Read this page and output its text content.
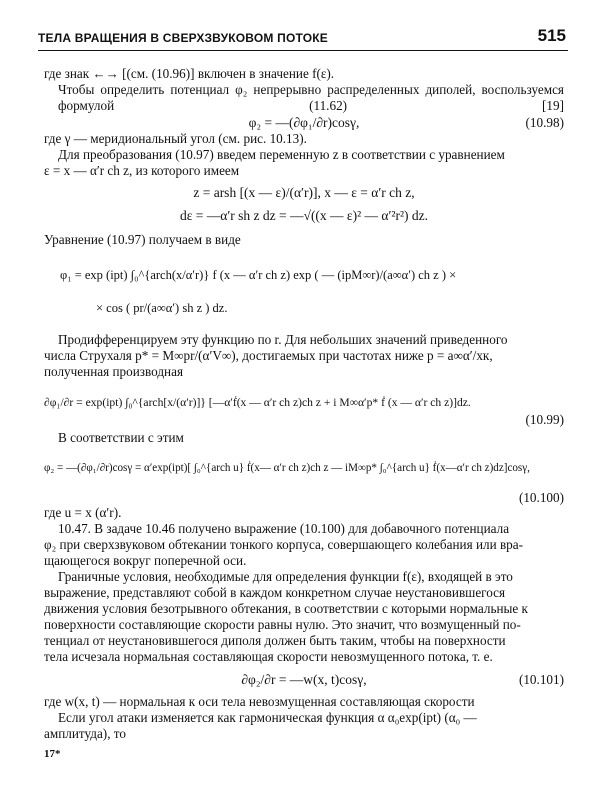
ТЕЛА ВРАЩЕНИЯ В СВЕРХЗВУКОВОМ ПОТОКЕ	515
где знак ←→ [(см. (10.96)] включен в значение f(ε).
Чтобы определить потенциал φ₂ непрерывно распределенных диполей, воспользуемся формулой (11.62) [19]
φ₂ = —(∂φ₁/∂r)cosγ,	(10.98)
где γ — меридиональный угол (см. рис. 10.13).
Для преобразования (10.97) введем переменную z в соответствии с уравнением
ε = x — α′r ch z, из которого имеем
z = arsh [(x — ε)/(α′r)], x — ε = α′r ch z,
dε = —α′r sh z dz = —√((x — ε)² — α′²r²) dz.
Уравнение (10.97) получаем в виде
φ₁ = exp (ipt) ∫₀^{arch(x/α′r)} f (x — α′r ch z) exp ( — (ipM∞r)/(a∞α′) ch z ) ×
× cos ( pr/(a∞α′) sh z ) dz.
Продифференцируем эту функцию по r. Для небольших значений приведенного
числа Струхаля p* = M∞pr/(α′V∞), достигаемых при частотах ниже p = a∞α′/xк,
полученная производная
∂φ₁/∂r = exp(ipt) ∫₀^{arch[x/(α′r)]} [—α′ḟ(x — α′r ch z)ch z + i M∞α′p* ḟ (x — α′r ch z)]dz.
(10.99)
В соответствии с этим
φ₂ = —(∂φ₁/∂r)cosγ = α′exp(ipt)[ ∫₀^{arch u} ḟ(x— α′r ch z)ch z — iM∞p* ∫₀^{arch u} ḟ(x—α′r ch z)dz]cosγ,
(10.100)
где u = x (α′r).
10.47. В задаче 10.46 получено выражение (10.100) для добавочного потенциала
φ₂ при сверхзвуковом обтекании тонкого корпуса, совершающего колебания или вра-
щающегося вокруг поперечной оси.
Граничные условия, необходимые для определения функции f(ε), входящей в это
выражение, представляют собой в каждом конкретном случае неустановившегося
движения условия безотрывного обтекания, в соответствии с которыми нормальные к
поверхности составляющие скорости равны нулю. Это значит, что возмущенный по-
тенциал от неустановившегося диполя должен быть таким, чтобы на поверхности
тела исчезала нормальная составляющая скорости невозмущенного потока, т. е.
∂φ₂/∂r = —w(x, t)cosγ,	(10.101)
где w(x, t) — нормальная к оси тела невозмущенная составляющая скорости
Если угол атаки изменяется как гармоническая функция α α₀exp(ipt) (α₀ —
амплитуда), то
17*
